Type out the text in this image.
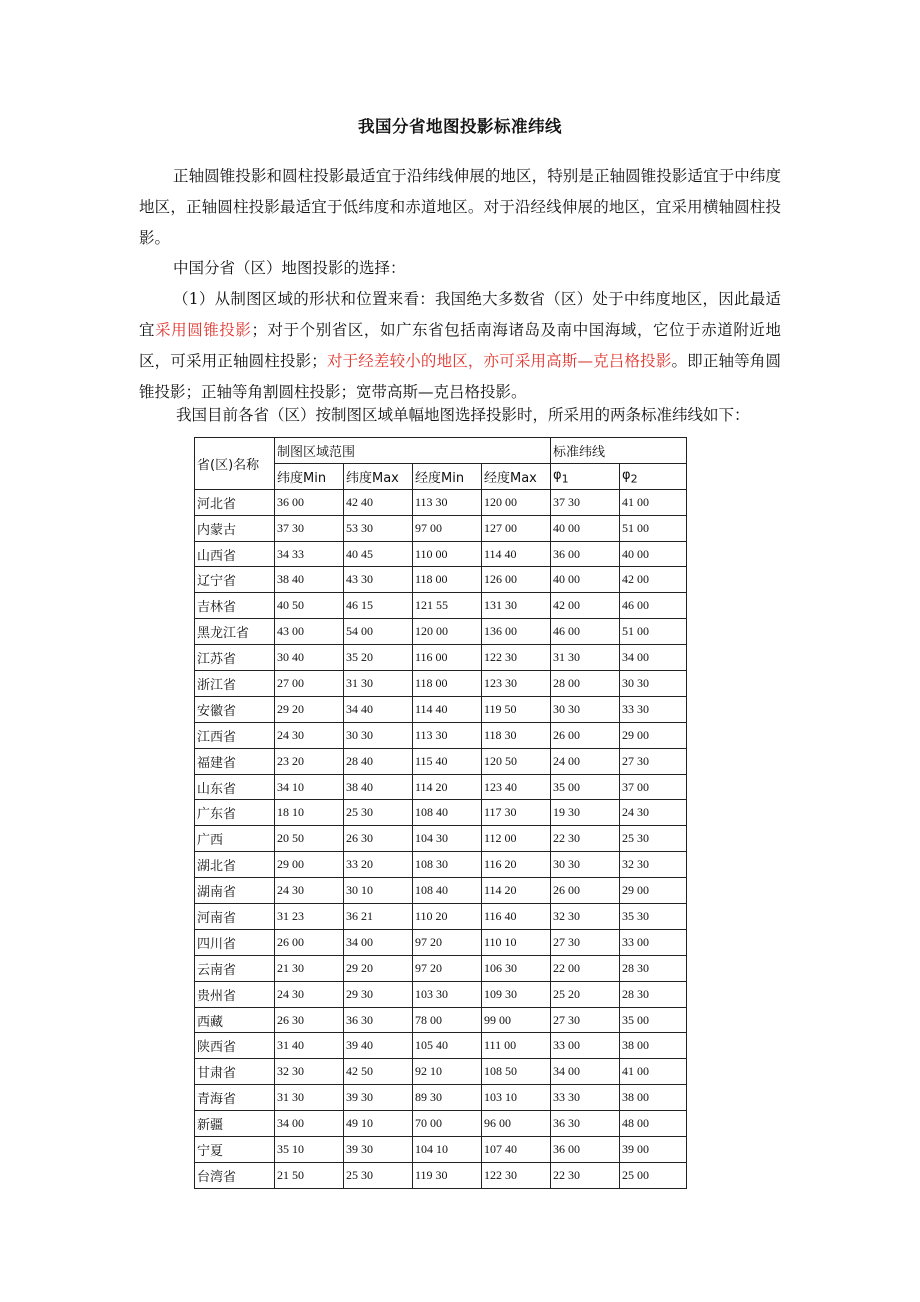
我国分省地图投影标准纬线

正轴圆锥投影和圆柱投影最适宜于沿纬线伸展的地区，特别是正轴圆锥投影适宜于中纬度地区，正轴圆柱投影最适宜于低纬度和赤道地区。对于沿经线伸展的地区，宜采用横轴圆柱投影。

中国分省（区）地图投影的选择：

（1）从制图区域的形状和位置来看：我国绝大多数省（区）处于中纬度地区，因此最适宜采用圆锥投影；对于个别省区，如广东省包括南海诸岛及南中国海域，它位于赤道附近地区，可采用正轴圆柱投影；对于经差较小的地区，亦可采用高斯—克吕格投影。即正轴等角圆锥投影；正轴等角割圆柱投影；宽带高斯—克吕格投影。

我国目前各省（区）按制图区域单幅地图选择投影时，所采用的两条标准纬线如下：

省(区)名称	制图区域范围				标准纬线	
	纬度Min	纬度Max	经度Min	经度Max	$\varphi_1$	$\varphi_2$
河北省	36 00	42 40	113 30	120 00	37 30	41 00
内蒙古	37 30	53 30	97 00	127 00	40 00	51 00
山西省	34 33	40 45	110 00	114 40	36 00	40 00
辽宁省	38 40	43 30	118 00	126 00	40 00	42 00
吉林省	40 50	46 15	121 55	131 30	42 00	46 00
黑龙江省	43 00	54 00	120 00	136 00	46 00	51 00
江苏省	30 40	35 20	116 00	122 30	31 30	34 00
浙江省	27 00	31 30	118 00	123 30	28 00	30 30
安徽省	29 20	34 40	114 40	119 50	30 30	33 30
江西省	24 30	30 30	113 30	118 30	26 00	29 00
福建省	23 20	28 40	115 40	120 50	24 00	27 30
山东省	34 10	38 40	114 20	123 40	35 00	37 00
广东省	18 10	25 30	108 40	117 30	19 30	24 30
广西	20 50	26 30	104 30	112 00	22 30	25 30
湖北省	29 00	33 20	108 30	116 20	30 30	32 30
湖南省	24 30	30 10	108 40	114 20	26 00	29 00
河南省	31 23	36 21	110 20	116 40	32 30	35 30
四川省	26 00	34 00	97 20	110 10	27 30	33 00
云南省	21 30	29 20	97 20	106 30	22 00	28 30
贵州省	24 30	29 30	103 30	109 30	25 20	28 30
西藏	26 30	36 30	78 00	99 00	27 30	35 00
陕西省	31 40	39 40	105 40	111 00	33 00	38 00
甘肃省	32 30	42 50	92 10	108 50	34 00	41 00
青海省	31 30	39 30	89 30	103 10	33 30	38 00
新疆	34 00	49 10	70 00	96 00	36 30	48 00
宁夏	35 10	39 30	104 10	107 40	36 00	39 00
台湾省	21 50	25 30	119 30	122 30	22 30	25 00
